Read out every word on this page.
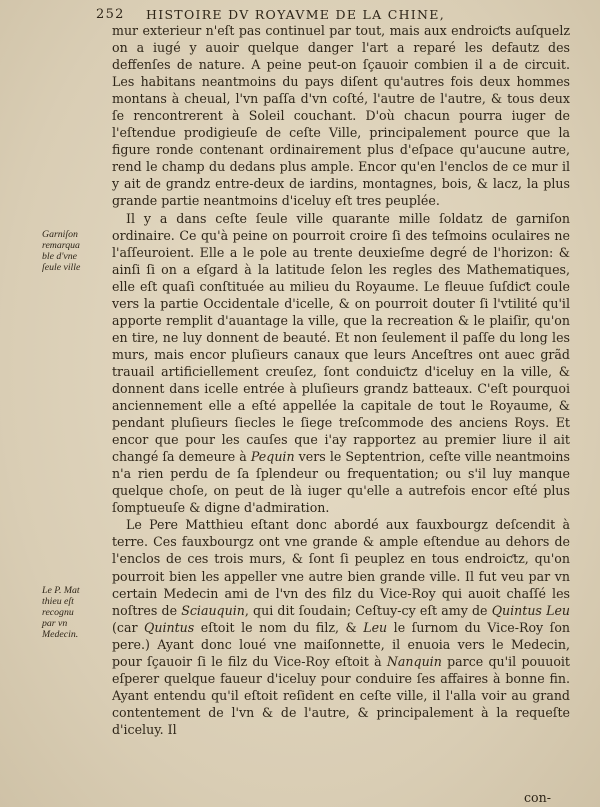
252 HISTOIRE DV ROYAVME DE LA CHINE,

mur exterieur n'eſt pas continuel par tout, mais aux endroiƈts auſquelz on a iugé y auoir quelque danger l'art a reparé les defautz des deffenſes de nature. A peine peut-on ſçauoir combien il a de circuit. Les habitans neantmoins du pays diſent qu'autres fois deux hommes montans à cheual, l'vn paſſa d'vn coſté, l'autre de l'autre, & tous deux ſe rencontrerent à Soleil couchant. D'où chacun pourra iuger de l'eſtendue prodigieuſe de ceſte Ville, principalement pource que la figure ronde contenant ordinairement plus d'eſpace qu'aucune autre, rend le champ du dedans plus ample. Encor qu'en l'enclos de ce mur il y ait de grandz entre-deux de iardins, montagnes, bois, & lacz, la plus grande partie neantmoins d'iceluy eſt tres peuplée.

Il y a dans ceſte ſeule ville quarante mille ſoldatz de garniſon ordinaire. Ce qu'à peine on pourroit croire ſi des teſmoins oculaires ne l'aſſeuroient. Elle a le pole au trente deuxieſme degré de l'horizon: & ainſi ſi on a eſgard à la latitude ſelon les regles des Mathematiques, elle eſt quaſi conſtituée au milieu du Royaume. Le fleuue ſuſdiƈt coule vers la partie Occidentale d'icelle, & on pourroit douter ſi l'vtilité qu'il apporte remplit d'auantage la ville, que la recreation & le plaiſir, qu'on en tire, ne luy donnent de beauté. Et non ſeulement il paſſe du long les murs, mais encor pluſieurs canaux que leurs Anceſtres ont auec grãd trauail artificiellement creuſez, ſont conduiƈtz d'iceluy en la ville, & donnent dans icelle entrée à pluſieurs grandz batteaux. C'eſt pourquoi anciennement elle a eſté appellée la capitale de tout le Royaume, & pendant pluſieurs ſiecles le ſiege treſcommode des anciens Roys. Et encor que pour les cauſes que i'ay rapportez au premier liure il ait changé ſa demeure à Pequin vers le Septentrion, ceſte ville neantmoins n'a rien perdu de ſa ſplendeur ou frequentation; ou s'il luy manque quelque choſe, on peut de là iuger qu'elle a autrefois encor eſté plus ſomptueuſe & digne d'admiration.

Le Pere Matthieu eſtant donc abordé aux fauxbourgz deſcendit à terre. Ces fauxbourgz ont vne grande & ample eſtendue au dehors de l'enclos de ces trois murs, & ſont ſi peuplez en tous endroiƈtz, qu'on pourroit bien les appeller vne autre bien grande ville. Il fut veu par vn certain Medecin ami de l'vn des filz du Vice-Roy qui auoit chaſſé les noſtres de Sciauquin, qui dit ſoudain; Ceſtuy-cy eſt amy de Quintus Leu (car Quintus eſtoit le nom du filz, & Leu le ſurnom du Vice-Roy ſon pere.) Ayant donc loué vne maiſonnette, il enuoia vers le Medecin, pour ſçauoir ſi le filz du Vice-Roy eſtoit à Nanquin parce qu'il pouuoit eſperer quelque faueur d'iceluy pour conduire ſes affaires à bonne fin. Ayant entendu qu'il eſtoit reſident en ceſte ville, il l'alla voir au grand contentement de l'vn & de l'autre, & principalement à la requeſte d'iceluy. Il

Garniſon
remarqua
ble d'vne
ſeule ville
Le P. Mat
thieu eſt
recognu
par vn
Medecin.
con-
